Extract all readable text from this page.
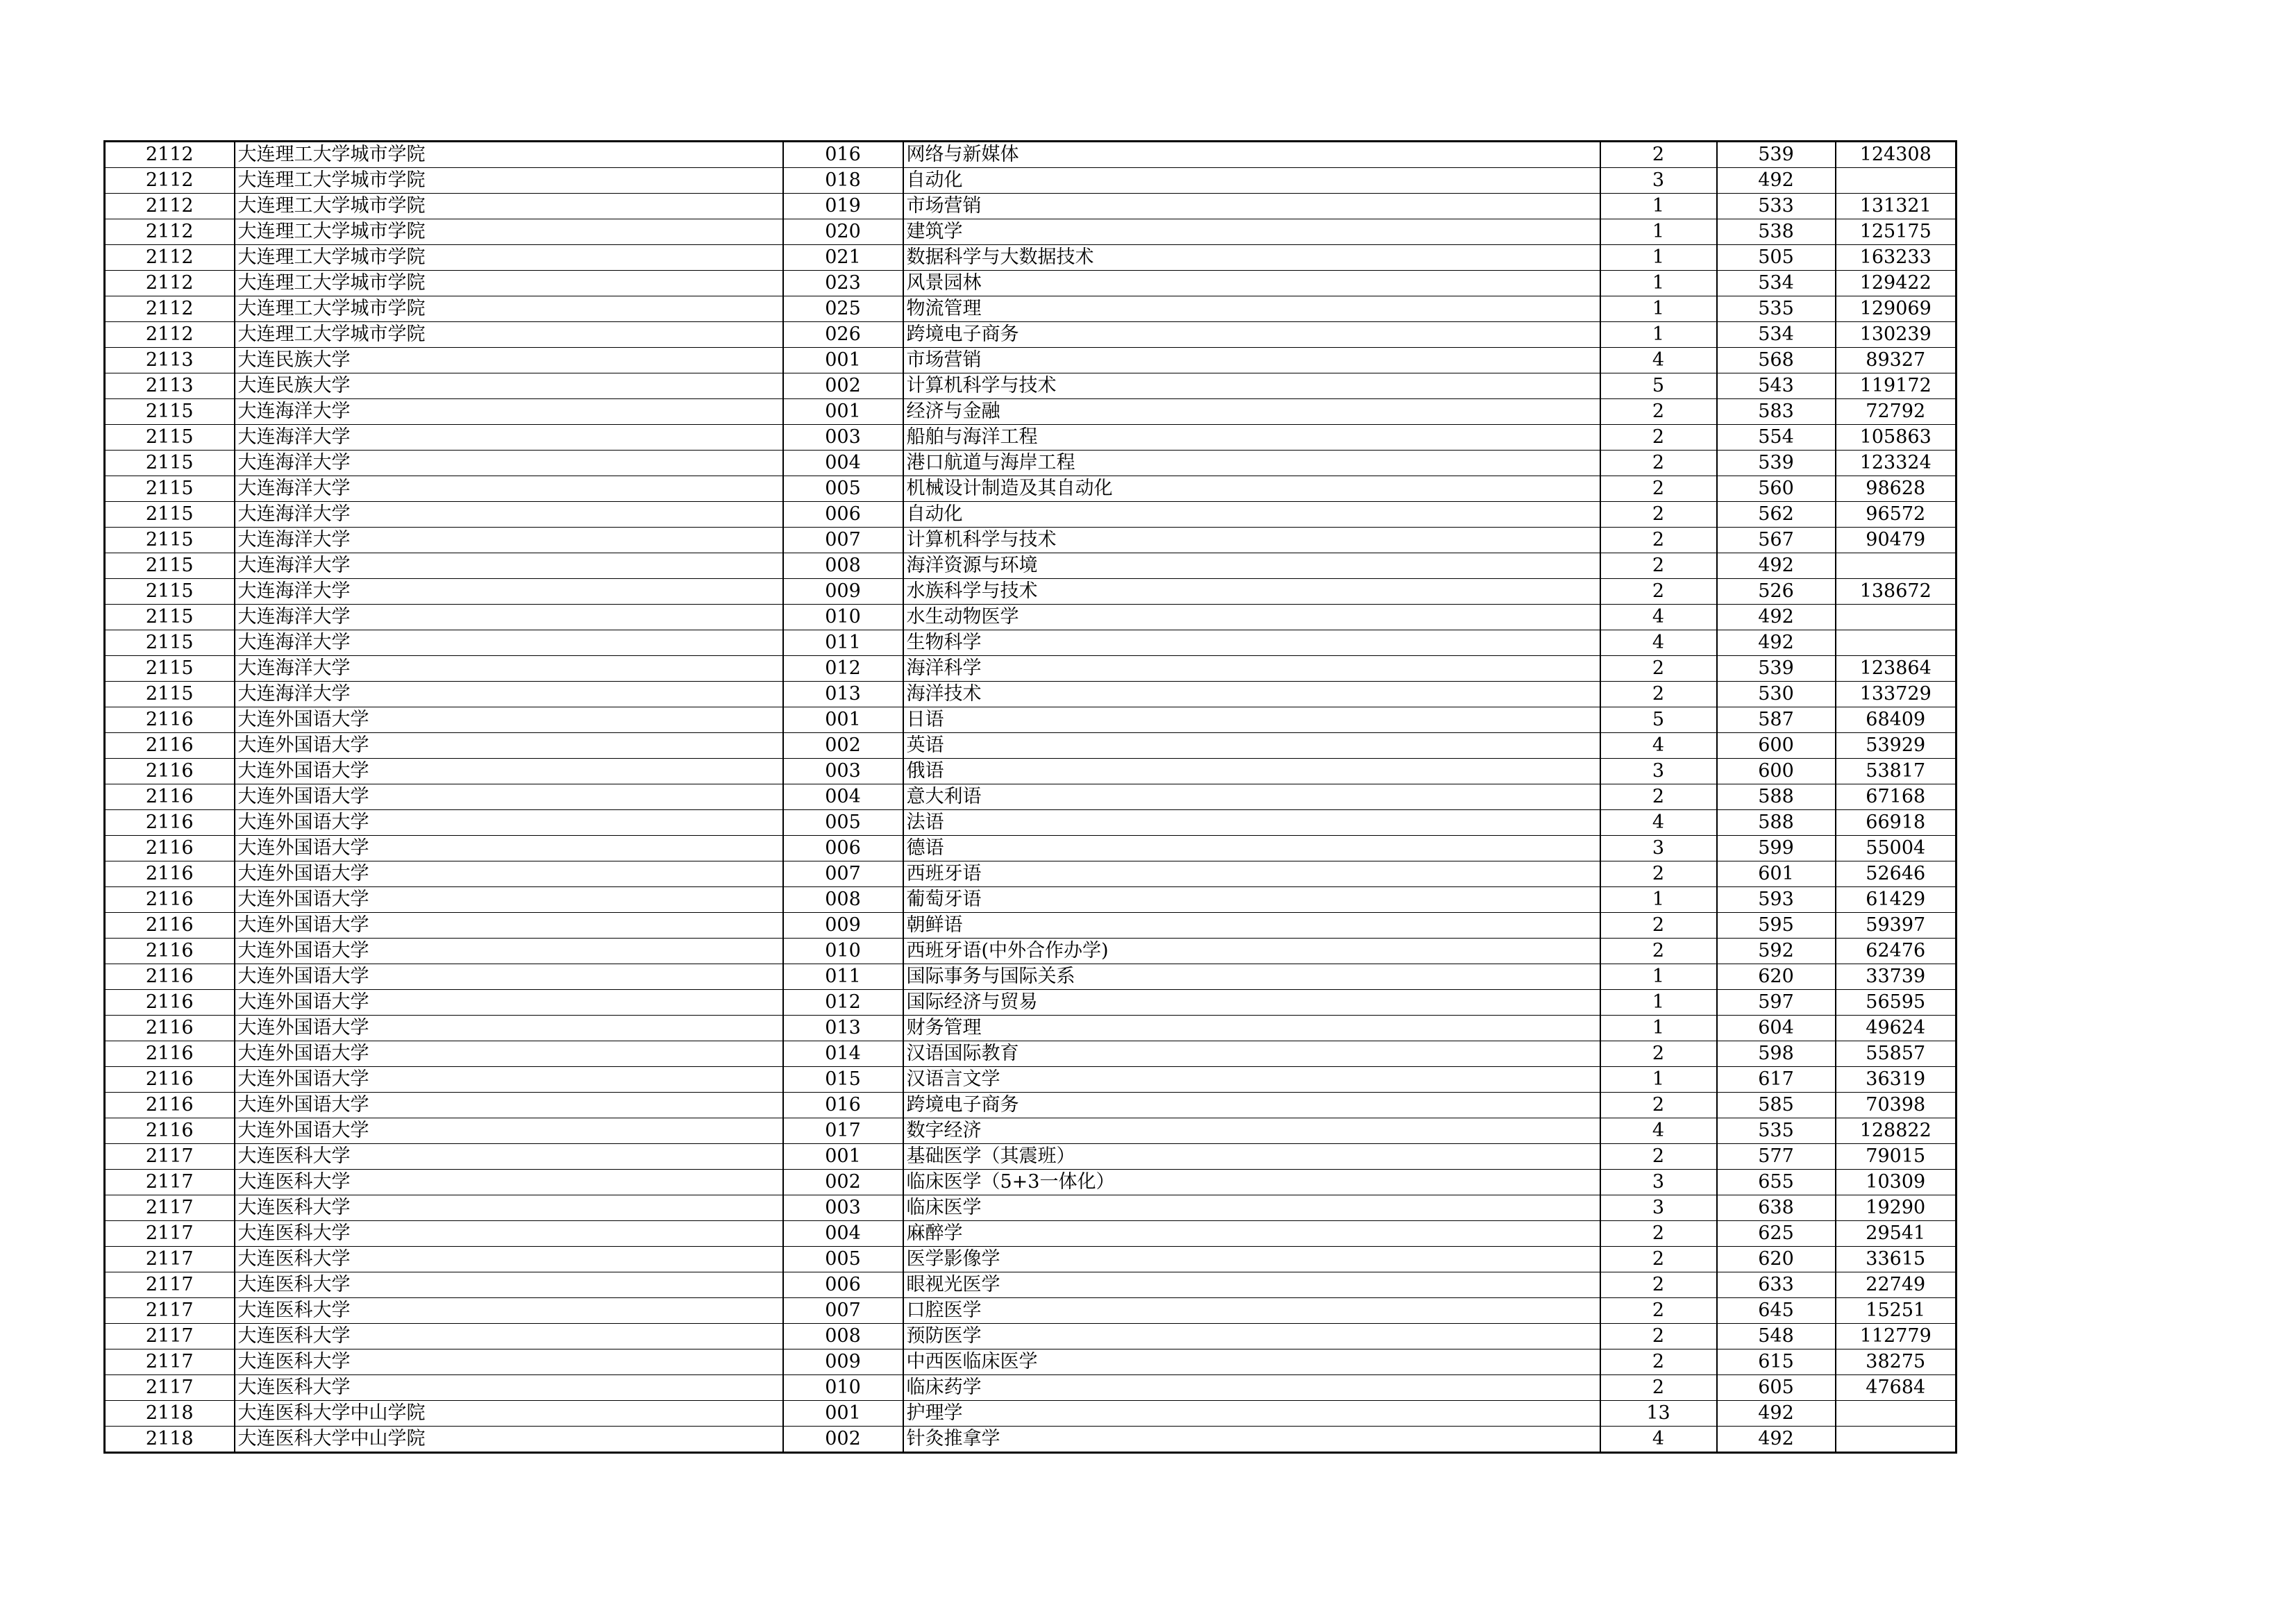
2112	大连理工大学城市学院	016	网络与新媒体	2	539	124308
2112	大连理工大学城市学院	018	自动化	3	492	
2112	大连理工大学城市学院	019	市场营销	1	533	131321
2112	大连理工大学城市学院	020	建筑学	1	538	125175
2112	大连理工大学城市学院	021	数据科学与大数据技术	1	505	163233
2112	大连理工大学城市学院	023	风景园林	1	534	129422
2112	大连理工大学城市学院	025	物流管理	1	535	129069
2112	大连理工大学城市学院	026	跨境电子商务	1	534	130239
2113	大连民族大学	001	市场营销	4	568	89327
2113	大连民族大学	002	计算机科学与技术	5	543	119172
2115	大连海洋大学	001	经济与金融	2	583	72792
2115	大连海洋大学	003	船舶与海洋工程	2	554	105863
2115	大连海洋大学	004	港口航道与海岸工程	2	539	123324
2115	大连海洋大学	005	机械设计制造及其自动化	2	560	98628
2115	大连海洋大学	006	自动化	2	562	96572
2115	大连海洋大学	007	计算机科学与技术	2	567	90479
2115	大连海洋大学	008	海洋资源与环境	2	492	
2115	大连海洋大学	009	水族科学与技术	2	526	138672
2115	大连海洋大学	010	水生动物医学	4	492	
2115	大连海洋大学	011	生物科学	4	492	
2115	大连海洋大学	012	海洋科学	2	539	123864
2115	大连海洋大学	013	海洋技术	2	530	133729
2116	大连外国语大学	001	日语	5	587	68409
2116	大连外国语大学	002	英语	4	600	53929
2116	大连外国语大学	003	俄语	3	600	53817
2116	大连外国语大学	004	意大利语	2	588	67168
2116	大连外国语大学	005	法语	4	588	66918
2116	大连外国语大学	006	德语	3	599	55004
2116	大连外国语大学	007	西班牙语	2	601	52646
2116	大连外国语大学	008	葡萄牙语	1	593	61429
2116	大连外国语大学	009	朝鲜语	2	595	59397
2116	大连外国语大学	010	西班牙语(中外合作办学)	2	592	62476
2116	大连外国语大学	011	国际事务与国际关系	1	620	33739
2116	大连外国语大学	012	国际经济与贸易	1	597	56595
2116	大连外国语大学	013	财务管理	1	604	49624
2116	大连外国语大学	014	汉语国际教育	2	598	55857
2116	大连外国语大学	015	汉语言文学	1	617	36319
2116	大连外国语大学	016	跨境电子商务	2	585	70398
2116	大连外国语大学	017	数字经济	4	535	128822
2117	大连医科大学	001	基础医学（其震班）	2	577	79015
2117	大连医科大学	002	临床医学（5+3一体化）	3	655	10309
2117	大连医科大学	003	临床医学	3	638	19290
2117	大连医科大学	004	麻醉学	2	625	29541
2117	大连医科大学	005	医学影像学	2	620	33615
2117	大连医科大学	006	眼视光医学	2	633	22749
2117	大连医科大学	007	口腔医学	2	645	15251
2117	大连医科大学	008	预防医学	2	548	112779
2117	大连医科大学	009	中西医临床医学	2	615	38275
2117	大连医科大学	010	临床药学	2	605	47684
2118	大连医科大学中山学院	001	护理学	13	492	
2118	大连医科大学中山学院	002	针灸推拿学	4	492	
